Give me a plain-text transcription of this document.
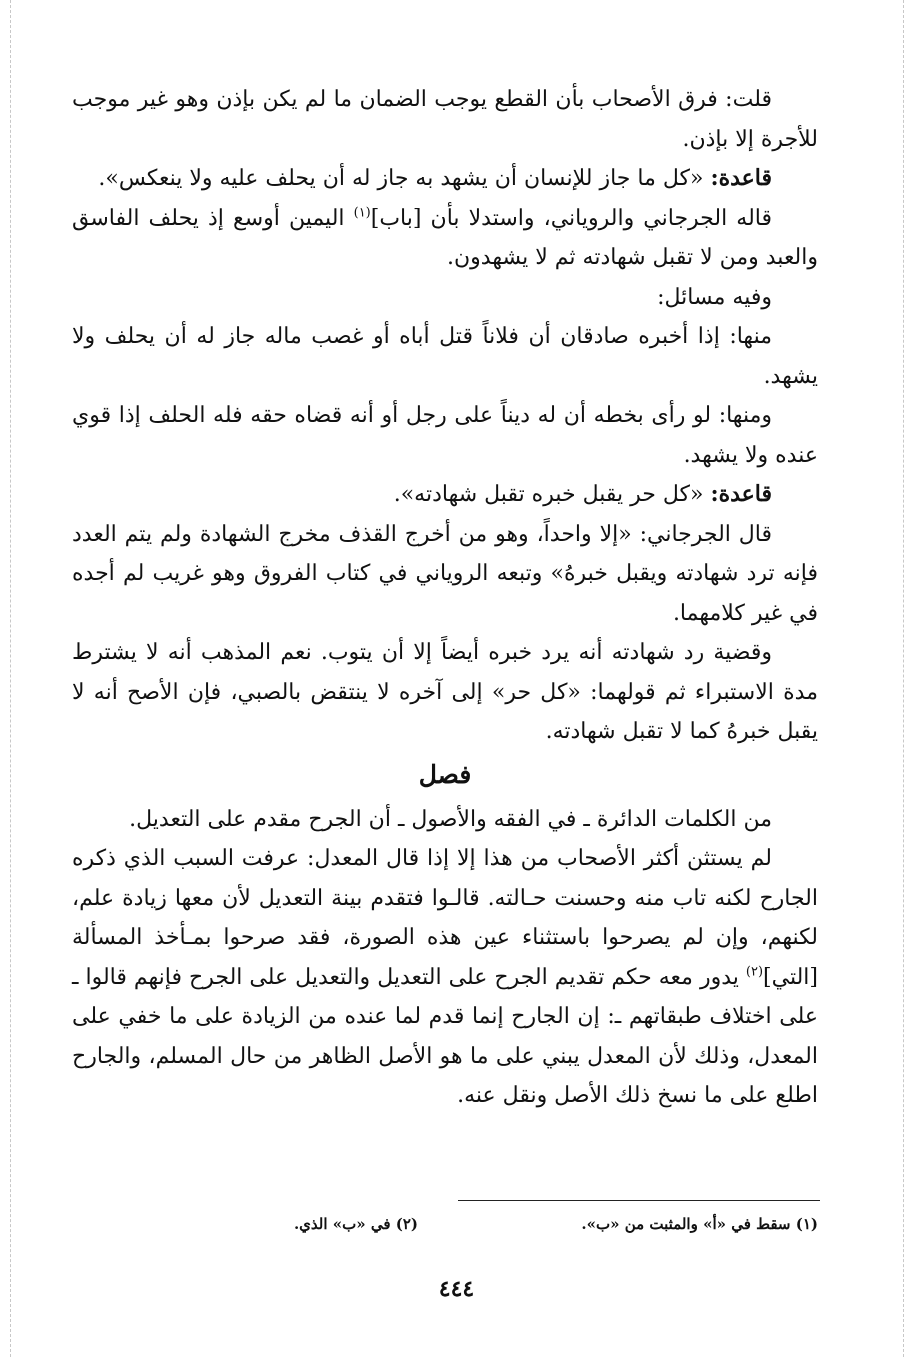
قلت: فرق الأصحاب بأن القطع يوجب الضمان ما لم يكن بإذن وهو غير موجب للأجرة إلا بإذن.

قاعدة: «كل ما جاز للإنسان أن يشهد به جاز له أن يحلف عليه ولا ينعكس».

قاله الجرجاني والروياني، واستدلا بأن [باب]$^{(١)}$ اليمين أوسع إذ يحلف الفاسق والعبد ومن لا تقبل شهادته ثم لا يشهدون.

وفيه مسائل:

منها: إذا أخبره صادقان أن فلاناً قتل أباه أو غصب ماله جاز له أن يحلف ولا يشهد.

ومنها: لو رأى بخطه أن له ديناً على رجل أو أنه قضاه حقه فله الحلف إذا قوي عنده ولا يشهد.

قاعدة: «كل حر يقبل خبره تقبل شهادته».

قال الجرجاني: «إلا واحداً، وهو من أخرج القذف مخرج الشهادة ولم يتم العدد فإنه ترد شهادته ويقبل خبرهُ» وتبعه الروياني في كتاب الفروق وهو غريب لم أجده في غير كلامهما.

وقضية رد شهادته أنه يرد خبره أيضاً إلا أن يتوب. نعم المذهب أنه لا يشترط مدة الاستبراء ثم قولهما: «كل حر» إلى آخره لا ينتقض بالصبي، فإن الأصح أنه لا يقبل خبرهُ كما لا تقبل شهادته.

فصل

من الكلمات الدائرة ـ في الفقه والأصول ـ أن الجرح مقدم على التعديل.

لم يستثن أكثر الأصحاب من هذا إلا إذا قال المعدل: عرفت السبب الذي ذكره الجارح لكنه تاب منه وحسنت حـالته. قالـوا فتقدم بينة التعديل لأن معها زيادة علم، لكنهم، وإن لم يصرحوا باستثناء عين هذه الصورة، فقد صرحوا بمـأخذ المسألة [التي]$^{(٢)}$ يدور معه حكم تقديم الجرح على التعديل والتعديل على الجرح فإنهم قالوا ـ على اختلاف طبقاتهم ـ: إن الجارح إنما قدم لما عنده من الزيادة على ما خفي على المعدل، وذلك لأن المعدل يبني على ما هو الأصل الظاهر من حال المسلم، والجارح اطلع على ما نسخ ذلك الأصل ونقل عنه.

(١) سقط في «أ» والمثبت من «ب».
(٢) في «ب» الذي.
٤٤٤
